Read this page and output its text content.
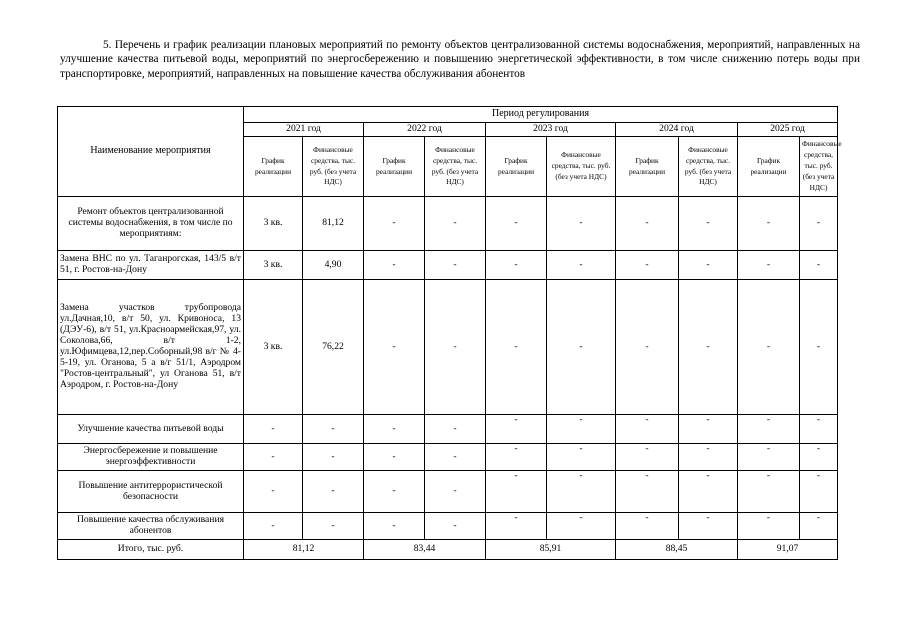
5. Перечень и график реализации плановых мероприятий по ремонту объектов централизованной системы водоснабжения, мероприятий, направленных на улучшение качества питьевой воды, мероприятий по энергосбережению и повышению энергетической эффективности, в том числе снижению потерь воды при транспортировке, мероприятий, направленных на повышение качества обслуживания абонентов
Наименование мероприятия	Период регулирования									
	2021 год		2022 год		2023 год		2024 год		2025 год	
	График реализации	Финансовые средства, тыс. руб. (без учета НДС)	График реализации	Финансовые средства, тыс. руб. (без учета НДС)	График реализации	Финансовые средства, тыс. руб. (без учета НДС)	График реализации	Финансовые средства, тыс. руб. (без учета НДС)	График реализации	Финансовые средства, тыс. руб. (без учета НДС)
Ремонт объектов централизованной системы водоснабжения, в том числе по мероприятиям:	3 кв.	81,12	-	-	-	-	-	-	-	-
Замена ВНС по ул. Таганрогская, 143/5 в/т 51, г. Ростов-на-Дону	3 кв.	4,90	-	-	-	-	-	-	-	-
Замена участков трубопровода ул.Дачная,10, в/т 50, ул. Кривоноса, 13 (ДЭУ-6), в/т 51, ул.Красноармейская,97, ул. Соколова,66, в/т 1-2, ул.Юфимцева,12,пер.Соборный,98 в/г № 4-5-19, ул. Оганова, 5 а в/г 51/1, Аэродром "Ростов-центральный", ул Оганова 51, в/т Аэродром, г. Ростов-на-Дону	3 кв.	76,22	-	-	-	-	-	-	-	-
Улучшение качества питьевой воды	-	-	-	-	-	-	-	-	-	-
Энергосбережение и повышение энергоэффективности	-	-	-	-	-	-	-	-	-	-
Повышение антитеррористической безопасности	-	-	-	-	-	-	-	-	-	-
Повышение качества обслуживания абонентов	-	-	-	-	-	-	-	-	-	-
Итого, тыс. руб.	81,12		83,44		85,91		88,45		91,07	
